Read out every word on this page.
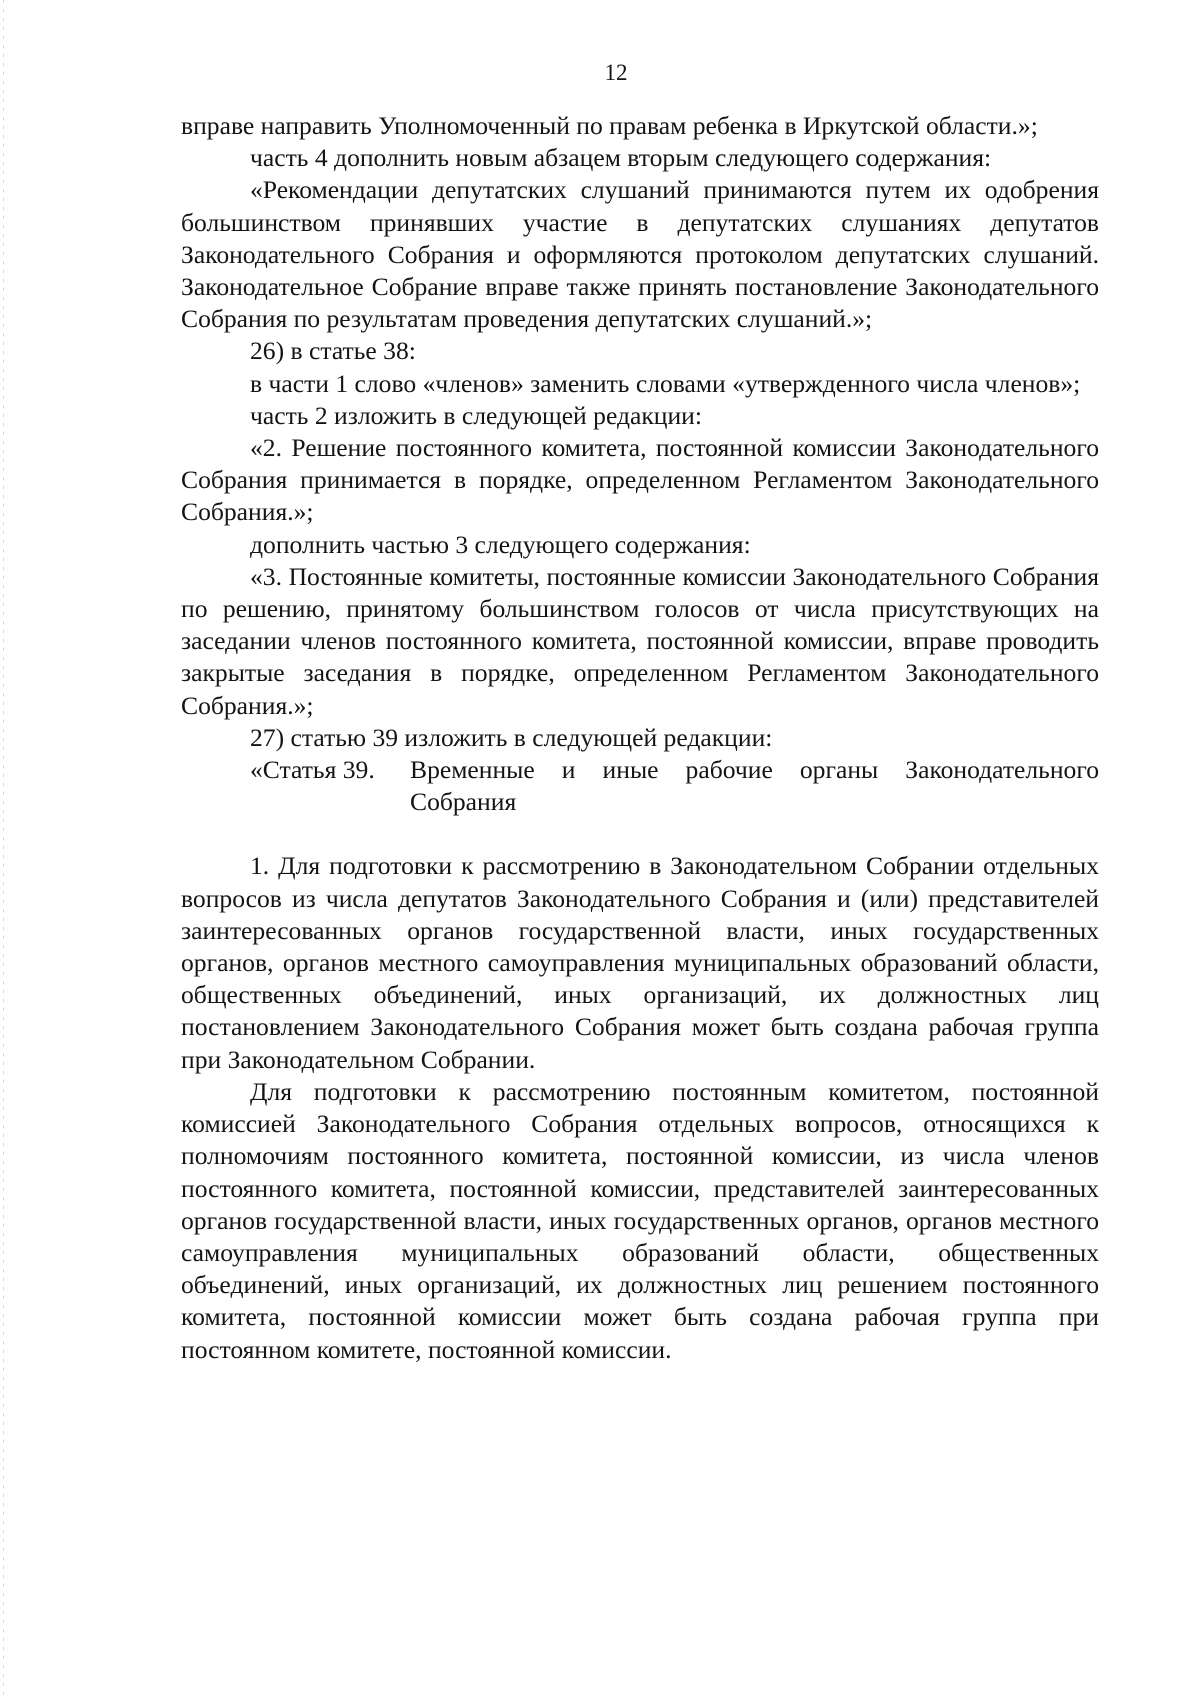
12

вправе направить Уполномоченный по правам ребенка в Иркутской области.»;

часть 4 дополнить новым абзацем вторым следующего содержания:

«Рекомендации депутатских слушаний принимаются путем их одобрения большинством принявших участие в депутатских слушаниях депутатов Законодательного Собрания и оформляются протоколом депутатских слушаний. Законодательное Собрание вправе также принять постановление Законодательного Собрания по результатам проведения депутатских слушаний.»;

26) в статье 38:

в части 1 слово «членов» заменить словами «утвержденного числа членов»;

часть 2 изложить в следующей редакции:

«2. Решение постоянного комитета, постоянной комиссии Законодательного Собрания принимается в порядке, определенном Регламентом Законодательного Собрания.»;

дополнить частью 3 следующего содержания:

«3. Постоянные комитеты, постоянные комиссии Законодательного Собрания по решению, принятому большинством голосов от числа присутствующих на заседании членов постоянного комитета, постоянной комиссии, вправе проводить закрытые заседания в порядке, определенном Регламентом Законодательного Собрания.»;

27) статью 39 изложить в следующей редакции:

«Статья 39.	Временные и иные рабочие органы Законодательного Собрания

1. Для подготовки к рассмотрению в Законодательном Собрании отдельных вопросов из числа депутатов Законодательного Собрания и (или) представителей заинтересованных органов государственной власти, иных государственных органов, органов местного самоуправления муниципальных образований области, общественных объединений, иных организаций, их должностных лиц постановлением Законодательного Собрания может быть создана рабочая группа при Законодательном Собрании.

Для подготовки к рассмотрению постоянным комитетом, постоянной комиссией Законодательного Собрания отдельных вопросов, относящихся к полномочиям постоянного комитета, постоянной комиссии, из числа членов постоянного комитета, постоянной комиссии, представителей заинтересованных органов государственной власти, иных государственных органов, органов местного самоуправления муниципальных образований области, общественных объединений, иных организаций, их должностных лиц решением постоянного комитета, постоянной комиссии может быть создана рабочая группа при постоянном комитете, постоянной комиссии.
